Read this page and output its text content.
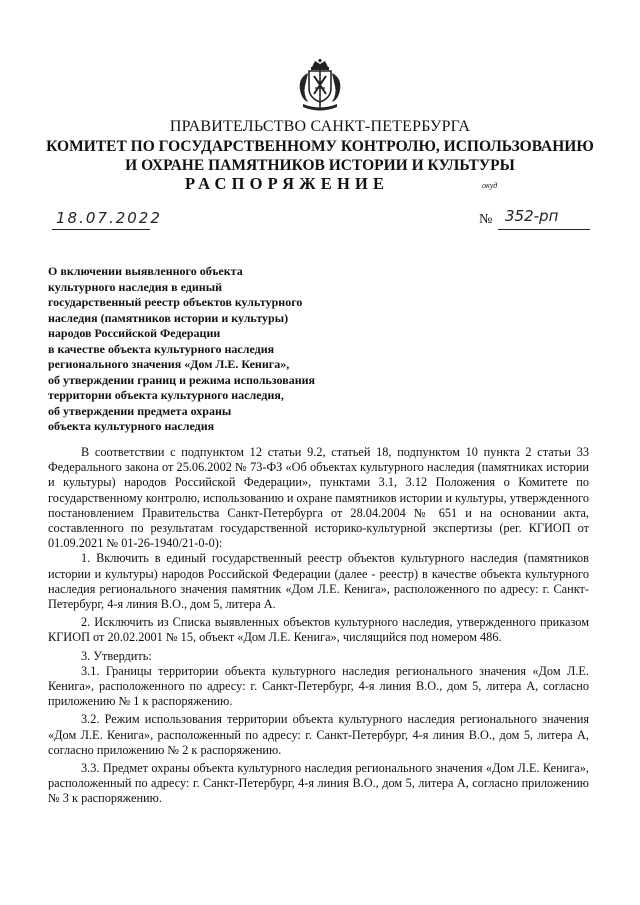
ПРАВИТЕЛЬСТВО САНКТ-ПЕТЕРБУРГА
КОМИТЕТ ПО ГОСУДАРСТВЕННОМУ КОНТРОЛЮ, ИСПОЛЬЗОВАНИЮ
И ОХРАНЕ ПАМЯТНИКОВ ИСТОРИИ И КУЛЬТУРЫ
РАСПОРЯЖЕНИЕ	окуд
18.07.2022	№ 352-рп
О включении выявленного объекта
культурного наследия в единый
государственный реестр объектов культурного
наследия (памятников истории и культуры)
народов Российской Федерации
в качестве объекта культурного наследия
регионального значения «Дом Л.Е. Кенига»,
об утверждении границ и режима использования
территории объекта культурного наследия,
об утверждении предмета охраны
объекта культурного наследия

В соответствии с подпунктом 12 статьи 9.2, статьей 18, подпунктом 10 пункта 2 статьи 33 Федерального закона от 25.06.2002 № 73-ФЗ «Об объектах культурного наследия (памятниках истории и культуры) народов Российской Федерации», пунктами 3.1, 3.12 Положения о Комитете по государственному контролю, использованию и охране памятников истории и культуры, утвержденного постановлением Правительства Санкт-Петербурга от 28.04.2004 № 651 и на основании акта, составленного по результатам государственной историко-культурной экспертизы (рег. КГИОП от 01.09.2021 № 01-26-1940/21-0-0):

1. Включить в единый государственный реестр объектов культурного наследия (памятников истории и культуры) народов Российской Федерации (далее - реестр) в качестве объекта культурного наследия регионального значения памятник «Дом Л.Е. Кенига», расположенного по адресу: г. Санкт-Петербург, 4-я линия В.О., дом 5, литера А.

2. Исключить из Списка выявленных объектов культурного наследия, утвержденного приказом КГИОП от 20.02.2001 № 15, объект «Дом Л.Е. Кенига», числящийся под номером 486.

3. Утвердить:

3.1. Границы территории объекта культурного наследия регионального значения «Дом Л.Е. Кенига», расположенного по адресу: г. Санкт-Петербург, 4-я линия В.О., дом 5, литера А, согласно приложению № 1 к распоряжению.

3.2. Режим использования территории объекта культурного наследия регионального значения «Дом Л.Е. Кенига», расположенный по адресу: г. Санкт-Петербург, 4-я линия В.О., дом 5, литера А, согласно приложению № 2 к распоряжению.

3.3. Предмет охраны объекта культурного наследия регионального значения «Дом Л.Е. Кенига», расположенный по адресу: г. Санкт-Петербург, 4-я линия В.О., дом 5, литера А, согласно приложению № 3 к распоряжению.
